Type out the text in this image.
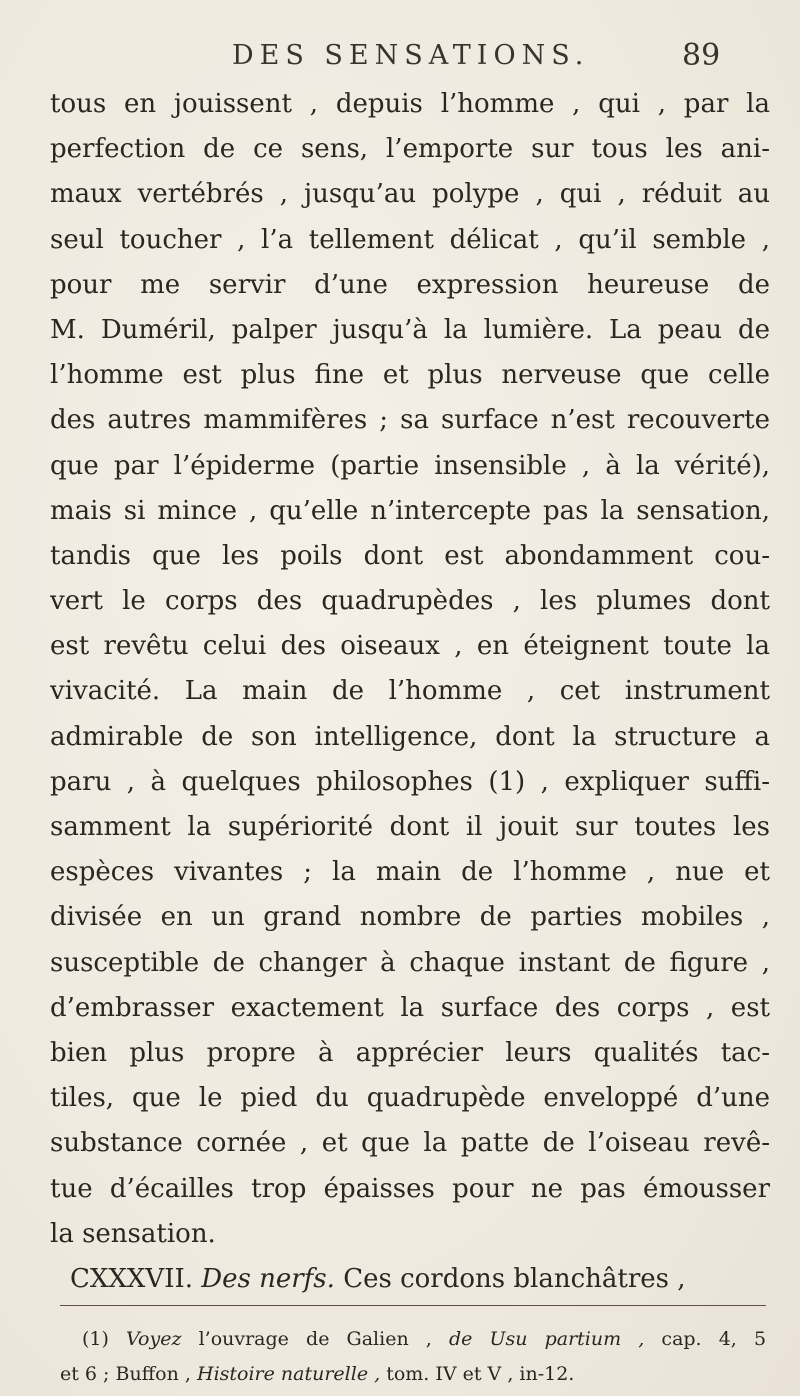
DES SENSATIONS.	89
tous en jouissent , depuis l’homme , qui , par la
perfection de ce sens, l’emporte sur tous les ani-
maux vertébrés , jusqu’au polype , qui , réduit au
seul toucher , l’a tellement délicat , qu’il semble ,
pour me servir d’une expression heureuse de
M. Duméril, palper jusqu’à la lumière. La peau de
l’homme est plus fine et plus nerveuse que celle
des autres mammifères ; sa surface n’est recouverte
que par l’épiderme (partie insensible , à la vérité),
mais si mince , qu’elle n’intercepte pas la sensation,
tandis que les poils dont est abondamment cou-
vert le corps des quadrupèdes , les plumes dont
est revêtu celui des oiseaux , en éteignent toute la
vivacité. La main de l’homme , cet instrument
admirable de son intelligence, dont la structure a
paru , à quelques philosophes (1) , expliquer suffi-
samment la supériorité dont il jouit sur toutes les
espèces vivantes ; la main de l’homme , nue et
divisée en un grand nombre de parties mobiles ,
susceptible de changer à chaque instant de figure ,
d’embrasser exactement la surface des corps , est
bien plus propre à apprécier leurs qualités tac-
tiles, que le pied du quadrupède enveloppé d’une
substance cornée , et que la patte de l’oiseau revê-
tue d’écailles trop épaisses pour ne pas émousser
la sensation.
CXXXVII. Des nerfs. Ces cordons blanchâtres ,
(1) Voyez l’ouvrage de Galien , de Usu partium , cap. 4, 5
et 6 ; Buffon , Histoire naturelle , tom. IV et V , in-12.
